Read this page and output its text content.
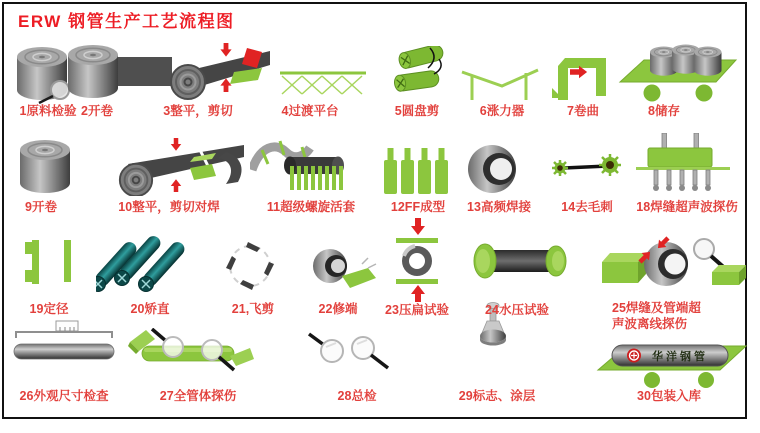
ERW 钢管生产工艺流程图
华洋钢管
1原料检验 2开卷	3整平，剪切	4过渡平台	5圆盘剪	6涨力器	7卷曲	8储存
9开卷	10整平，剪切对焊	11超级螺旋活套	12FF成型	13高频焊接	14去毛刺	18焊缝超声波探伤
19定径	20矫直	21,飞剪	22修端	23压扁试验	24水压试验	25焊缝及管端超
声波离线探伤
26外观尺寸检查	27全管体探伤	28总检	29标志、涂层	30包装入库
